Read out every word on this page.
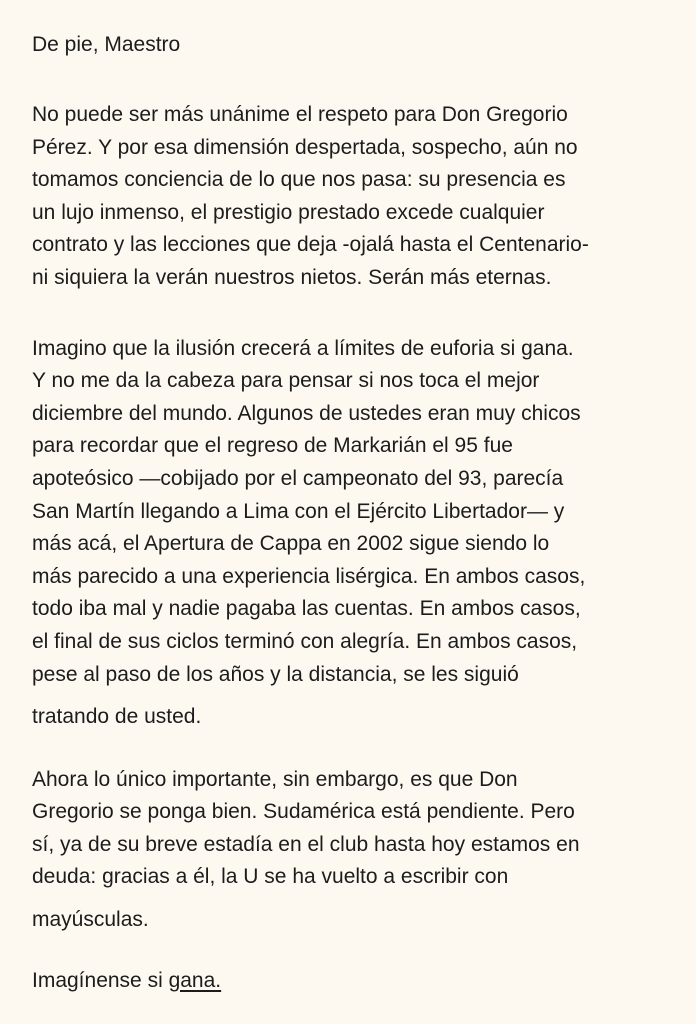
De pie, Maestro

No puede ser más unánime el respeto para Don Gregorio
Pérez. Y por esa dimensión despertada, sospecho, aún no
tomamos conciencia de lo que nos pasa: su presencia es
un lujo inmenso, el prestigio prestado excede cualquier
contrato y las lecciones que deja -ojalá hasta el Centenario-
ni siquiera la verán nuestros nietos. Serán más eternas.

Imagino que la ilusión crecerá a límites de euforia si gana.
Y no me da la cabeza para pensar si nos toca el mejor
diciembre del mundo. Algunos de ustedes eran muy chicos
para recordar que el regreso de Markarián el 95 fue
apoteósico —cobijado por el campeonato del 93, parecía
San Martín llegando a Lima con el Ejército Libertador— y
más acá, el Apertura de Cappa en 2002 sigue siendo lo
más parecido a una experiencia lisérgica. En ambos casos,
todo iba mal y nadie pagaba las cuentas. En ambos casos,
el final de sus ciclos terminó con alegría. En ambos casos,
pese al paso de los años y la distancia, se les siguió
tratando de usted.

Ahora lo único importante, sin embargo, es que Don
Gregorio se ponga bien. Sudamérica está pendiente. Pero
sí, ya de su breve estadía en el club hasta hoy estamos en
deuda: gracias a él, la U se ha vuelto a escribir con
mayúsculas.

Imagínense si gana.
